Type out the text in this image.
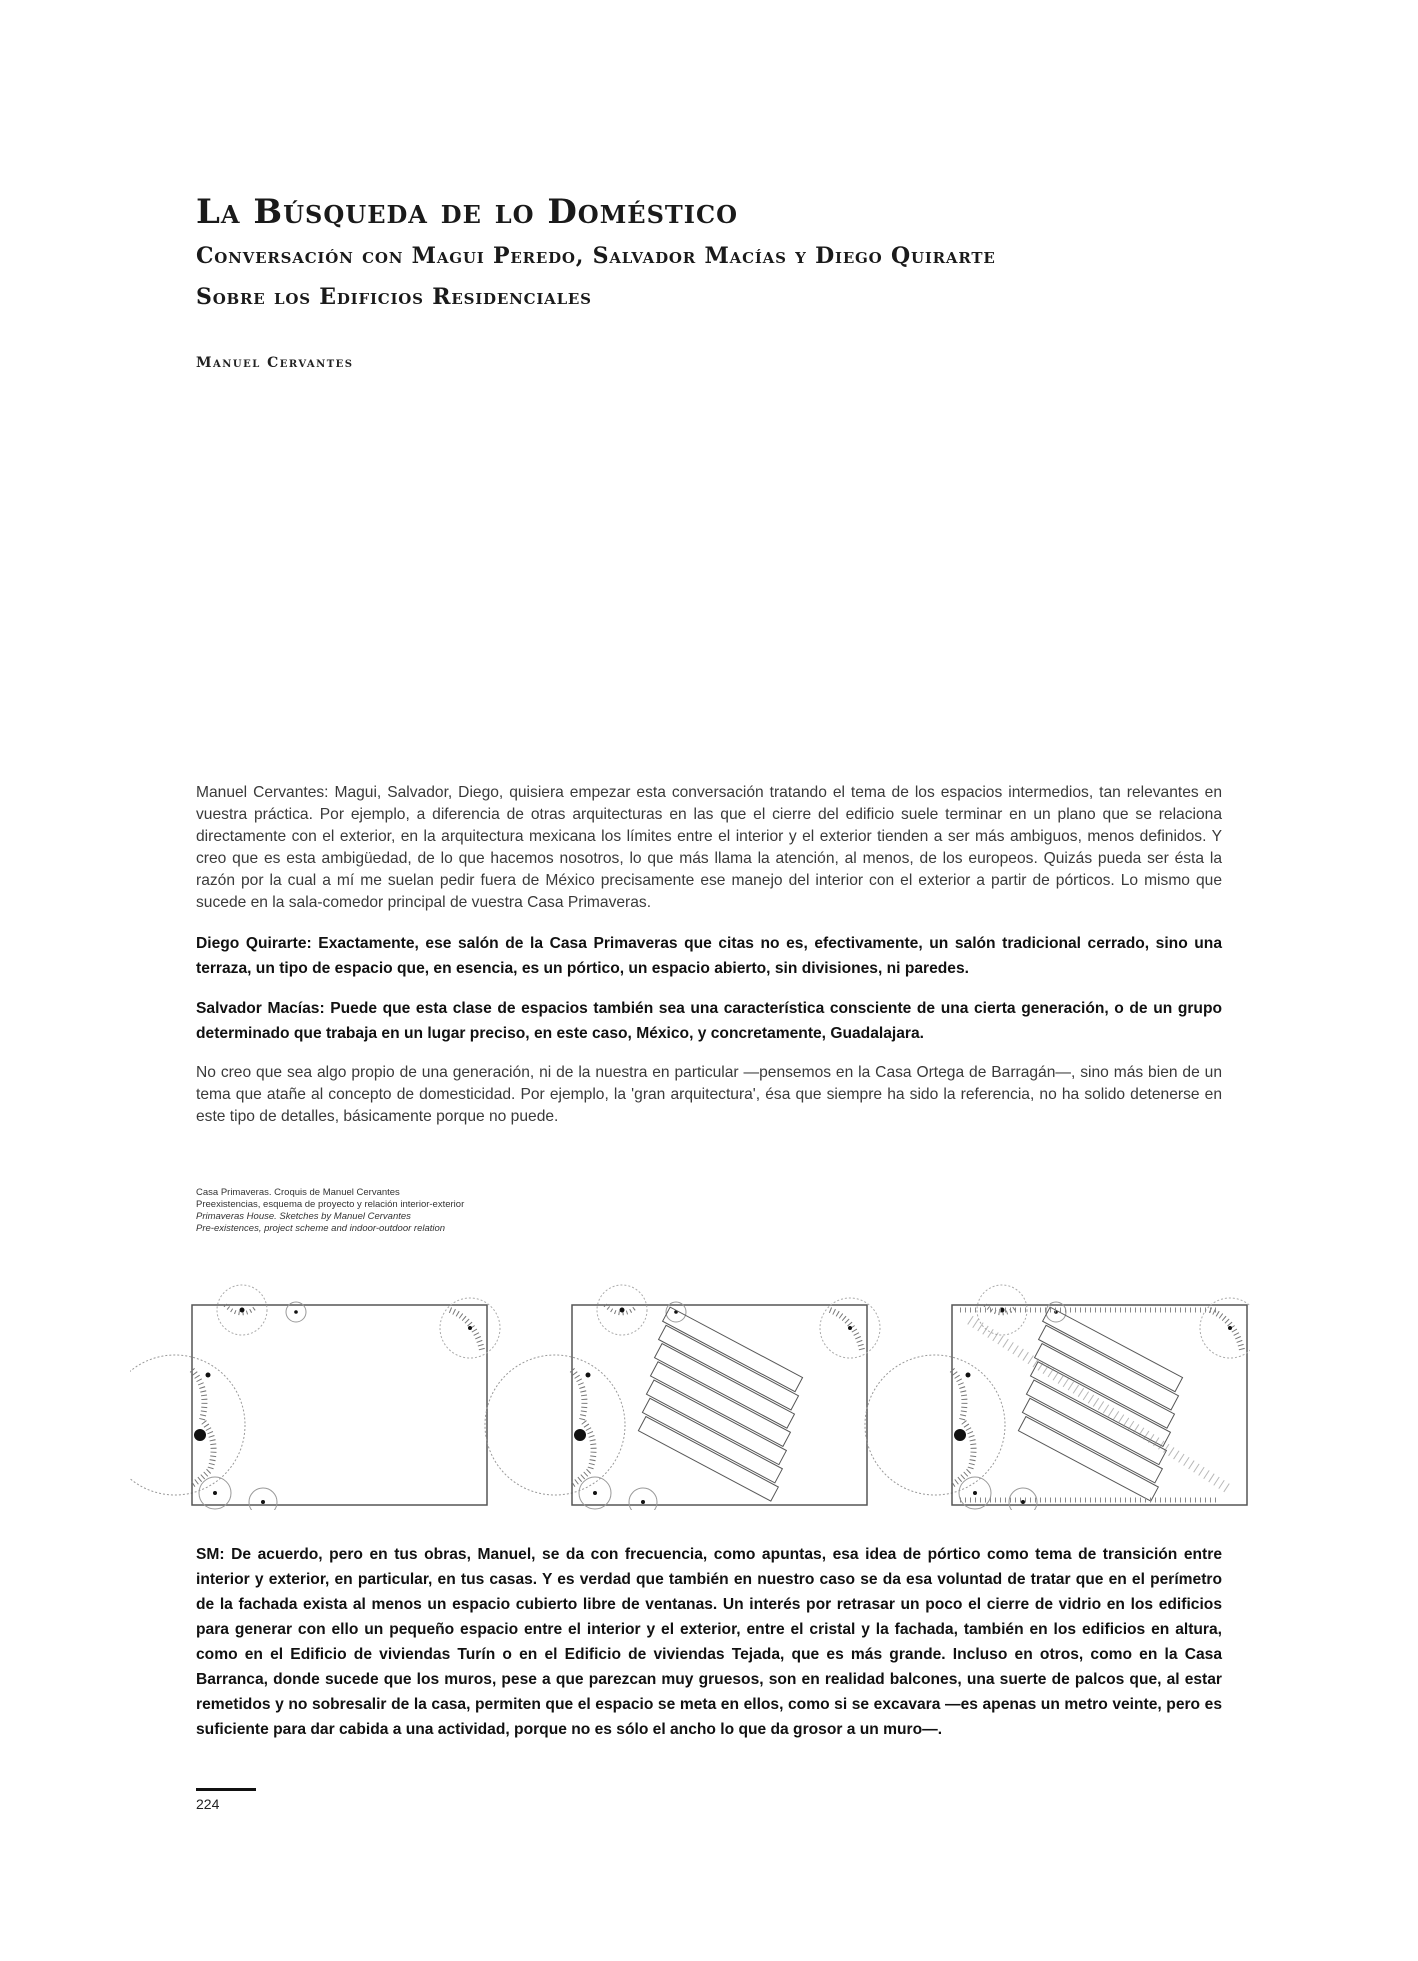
La Búsqueda de lo Doméstico
Conversación con Magui Peredo, Salvador Macías y Diego Quirarte
Sobre los Edificios Residenciales
Manuel Cervantes

Manuel Cervantes: Magui, Salvador, Diego, quisiera empezar esta conversación tratando el tema de los espacios intermedios, tan relevantes en vuestra práctica. Por ejemplo, a diferencia de otras arquitecturas en las que el cierre del edificio suele terminar en un plano que se relaciona directamente con el exterior, en la arquitectura mexicana los límites entre el interior y el exterior tienden a ser más ambiguos, menos definidos. Y creo que es esta ambigüedad, de lo que hacemos nosotros, lo que más llama la atención, al menos, de los europeos. Quizás pueda ser ésta la razón por la cual a mí me suelan pedir fuera de México precisamente ese manejo del interior con el exterior a partir de pórticos. Lo mismo que sucede en la sala-comedor principal de vuestra Casa Primaveras.

Diego Quirarte: Exactamente, ese salón de la Casa Primaveras que citas no es, efectivamente, un salón tradicional cerrado, sino una terraza, un tipo de espacio que, en esencia, es un pórtico, un espacio abierto, sin divisiones, ni paredes.

Salvador Macías: Puede que esta clase de espacios también sea una característica consciente de una cierta generación, o de un grupo determinado que trabaja en un lugar preciso, en este caso, México, y concretamente, Guadalajara.

No creo que sea algo propio de una generación, ni de la nuestra en particular —pensemos en la Casa Ortega de Barragán—, sino más bien de un tema que atañe al concepto de domesticidad. Por ejemplo, la 'gran arquitectura', ésa que siempre ha sido la referencia, no ha solido detenerse en este tipo de detalles, básicamente porque no puede.

Casa Primaveras. Croquis de Manuel Cervantes
Preexistencias, esquema de proyecto y relación interior-exterior
Primaveras House. Sketches by Manuel Cervantes
Pre-existences, project scheme and indoor-outdoor relation

SM: De acuerdo, pero en tus obras, Manuel, se da con frecuencia, como apuntas, esa idea de pórtico como tema de transición entre interior y exterior, en particular, en tus casas. Y es verdad que también en nuestro caso se da esa voluntad de tratar que en el perímetro de la fachada exista al menos un espacio cubierto libre de ventanas. Un interés por retrasar un poco el cierre de vidrio en los edificios para generar con ello un pequeño espacio entre el interior y el exterior, entre el cristal y la fachada, también en los edificios en altura, como en el Edificio de viviendas Turín o en el Edificio de viviendas Tejada, que es más grande. Incluso en otros, como en la Casa Barranca, donde sucede que los muros, pese a que parezcan muy gruesos, son en realidad balcones, una suerte de palcos que, al estar remetidos y no sobresalir de la casa, permiten que el espacio se meta en ellos, como si se excavara —es apenas un metro veinte, pero es suficiente para dar cabida a una actividad, porque no es sólo el ancho lo que da grosor a un muro—.

224
